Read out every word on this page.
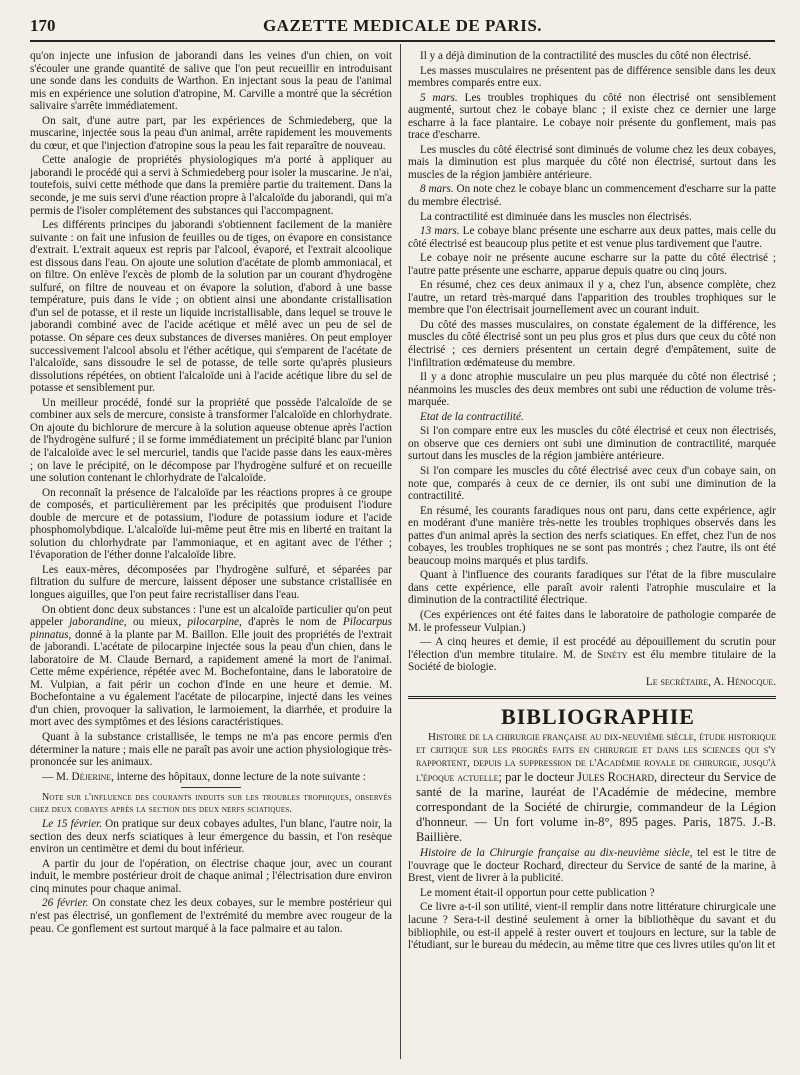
170	GAZETTE MEDICALE DE PARIS.

qu'on injecte une infusion de jaborandi dans les veines d'un chien, on voit s'écouler une grande quantité de salive que l'on peut recueillir en introduisant une sonde dans les conduits de Warthon. En injectant sous la peau de l'animal mis en expérience une solution d'atropine, M. Carville a montré que la sécrétion salivaire s'arrête immédiatement.

On sait, d'une autre part, par les expériences de Schmiedeberg, que la muscarine, injectée sous la peau d'un animal, arrête rapidement les mouvements du cœur, et que l'injection d'atropine sous la peau les fait reparaître de nouveau.

Cette analogie de propriétés physiologiques m'a porté à appliquer au jaborandi le procédé qui a servi à Schmiedeberg pour isoler la muscarine. Je n'ai, toutefois, suivi cette méthode que dans la première partie du traitement. Dans la seconde, je me suis servi d'une réaction propre à l'alcaloïde du jaborandi, qui m'a permis de l'isoler complétement des substances qui l'accompagnent.

Les différents principes du jaborandi s'obtiennent facilement de la manière suivante : on fait une infusion de feuilles ou de tiges, on évapore en consistance d'extrait. L'extrait aqueux est repris par l'alcool, évaporé, et l'extrait alcoolique est dissous dans l'eau. On ajoute une solution d'acétate de plomb ammoniacal, et on filtre. On enlève l'excès de plomb de la solution par un courant d'hydrogène sulfuré, on filtre de nouveau et on évapore la solution, d'abord à une basse température, puis dans le vide ; on obtient ainsi une abondante cristallisation d'un sel de potasse, et il reste un liquide incristallisable, dans lequel se trouve le jaborandi combiné avec de l'acide acétique et mêlé avec un peu de sel de potasse. On sépare ces deux substances de diverses manières. On peut employer successivement l'alcool absolu et l'éther acétique, qui s'emparent de l'acétate de l'alcaloïde, sans dissoudre le sel de potasse, de telle sorte qu'après plusieurs dissolutions répétées, on obtient l'alcaloïde uni à l'acide acétique libre du sel de potasse et sensiblement pur.

Un meilleur procédé, fondé sur la propriété que possède l'alcaloïde de se combiner aux sels de mercure, consiste à transformer l'alcaloïde en chlorhydrate. On ajoute du bichlorure de mercure à la solution aqueuse obtenue après l'action de l'hydrogène sulfuré ; il se forme immédiatement un précipité blanc par l'union de l'alcaloïde avec le sel mercuriel, tandis que l'acide passe dans les eaux-mères ; on lave le précipité, on le décompose par l'hydrogène sulfuré et on recueille une solution contenant le chlorhydrate de l'alcaloïde.

On reconnaît la présence de l'alcaloïde par les réactions propres à ce groupe de composés, et particulièrement par les précipités que produisent l'iodure double de mercure et de potassium, l'iodure de potassium iodure et l'acide phosphomolybdique. L'alcaloïde lui-même peut être mis en liberté en traitant la solution du chlorhydrate par l'ammoniaque, et en agitant avec de l'éther ; l'évaporation de l'éther donne l'alcaloïde libre.

Les eaux-mères, décomposées par l'hydrogène sulfuré, et séparées par filtration du sulfure de mercure, laissent déposer une substance cristallisée en longues aiguilles, que l'on peut faire recristalliser dans l'eau.

On obtient donc deux substances : l'une est un alcaloïde particulier qu'on peut appeler jaborandine, ou mieux, pilocarpine, d'après le nom de Pilocarpus pinnatus, donné à la plante par M. Baillon. Elle jouit des propriétés de l'extrait de jaborandi. L'acétate de pilocarpine injectée sous la peau d'un chien, dans le laboratoire de M. Claude Bernard, a rapidement amené la mort de l'animal. Cette même expérience, répétée avec M. Bochefontaine, dans le laboratoire de M. Vulpian, a fait périr un cochon d'Inde en une heure et demie. M. Bochefontaine a vu également l'acétate de pilocarpine, injecté dans les veines d'un chien, provoquer la salivation, le larmoiement, la diarrhée, et produire la mort avec des symptômes et des lésions caractéristiques.

Quant à la substance cristallisée, le temps ne m'a pas encore permis d'en déterminer la nature ; mais elle ne paraît pas avoir une action physiologique très-prononcée sur les animaux.

— M. Déjerine, interne des hôpitaux, donne lecture de la note suivante :

Note sur l'influence des courants induits sur les troubles trophiques, observés chez deux cobayes après la section des deux nerfs sciatiques.

Le 15 février. On pratique sur deux cobayes adultes, l'un blanc, l'autre noir, la section des deux nerfs sciatiques à leur émergence du bassin, et l'on resèque environ un centimètre et demi du bout inférieur.

A partir du jour de l'opération, on électrise chaque jour, avec un courant induit, le membre postérieur droit de chaque animal ; l'électrisation dure environ cinq minutes pour chaque animal.

26 février. On constate chez les deux cobayes, sur le membre postérieur qui n'est pas électrisé, un gonflement de l'extrémité du membre avec rougeur de la peau. Ce gonflement est surtout marqué à la face palmaire et au talon.

Il y a déjà diminution de la contractilité des muscles du côté non électrisé.

Les masses musculaires ne présentent pas de différence sensible dans les deux membres comparés entre eux.

5 mars. Les troubles trophiques du côté non électrisé ont sensiblement augmenté, surtout chez le cobaye blanc ; il existe chez ce dernier une large escharre à la face plantaire. Le cobaye noir présente du gonflement, mais pas trace d'escharre.

Les muscles du côté électrisé sont diminués de volume chez les deux cobayes, mais la diminution est plus marquée du côté non électrisé, surtout dans les muscles de la région jambière antérieure.

8 mars. On note chez le cobaye blanc un commencement d'escharre sur la patte du membre électrisé.

La contractilité est diminuée dans les muscles non électrisés.

13 mars. Le cobaye blanc présente une escharre aux deux pattes, mais celle du côté électrisé est beaucoup plus petite et est venue plus tardivement que l'autre.

Le cobaye noir ne présente aucune escharre sur la patte du côté électrisé ; l'autre patte présente une escharre, apparue depuis quatre ou cinq jours.

En résumé, chez ces deux animaux il y a, chez l'un, absence complète, chez l'autre, un retard très-marqué dans l'apparition des troubles trophiques sur le membre que l'on électrisait journellement avec un courant induit.

Du côté des masses musculaires, on constate également de la différence, les muscles du côté électrisé sont un peu plus gros et plus durs que ceux du côté non électrisé ; ces derniers présentent un certain degré d'empâtement, suite de l'infiltration œdémateuse du membre.

Il y a donc atrophie musculaire un peu plus marquée du côté non électrisé ; néanmoins les muscles des deux membres ont subi une réduction de volume très-marquée.

Etat de la contractilité.

Si l'on compare entre eux les muscles du côté électrisé et ceux non électrisés, on observe que ces derniers ont subi une diminution de contractilité, marquée surtout dans les muscles de la région jambière antérieure.

Si l'on compare les muscles du côté électrisé avec ceux d'un cobaye sain, on note que, comparés à ceux de ce dernier, ils ont subi une diminution de la contractilité.

En résumé, les courants faradiques nous ont paru, dans cette expérience, agir en modérant d'une manière très-nette les troubles trophiques observés dans les pattes d'un animal après la section des nerfs sciatiques. En effet, chez l'un de nos cobayes, les troubles trophiques ne se sont pas montrés ; chez l'autre, ils ont été beaucoup moins marqués et plus tardifs.

Quant à l'influence des courants faradiques sur l'état de la fibre musculaire dans cette expérience, elle paraît avoir ralenti l'atrophie musculaire et la diminution de la contractilité électrique.

(Ces expériences ont été faites dans le laboratoire de pathologie comparée de M. le professeur Vulpian.)

— A cinq heures et demie, il est procédé au dépouillement du scrutin pour l'élection d'un membre titulaire. M. de Sinéty est élu membre titulaire de la Société de biologie.

Le secrétaire, A. Hénocque.

BIBLIOGRAPHIE

Histoire de la chirurgie française au dix-neuvième siècle, étude historique et critique sur les progrès faits en chirurgie et dans les sciences qui s'y rapportent, depuis la suppression de l'Académie royale de chirurgie, jusqu'à l'époque actuelle; par le docteur Jules Rochard, directeur du Service de santé de la marine, lauréat de l'Académie de médecine, membre correspondant de la Société de chirurgie, commandeur de la Légion d'honneur. — Un fort volume in-8°, 895 pages. Paris, 1875. J.-B. Baillière.

Histoire de la Chirurgie française au dix-neuvième siècle, tel est le titre de l'ouvrage que le docteur Rochard, directeur du Service de santé de la marine, à Brest, vient de livrer à la publicité.

Le moment était-il opportun pour cette publication ?

Ce livre a-t-il son utilité, vient-il remplir dans notre littérature chirurgicale une lacune ? Sera-t-il destiné seulement à orner la bibliothèque du savant et du bibliophile, ou est-il appelé à rester ouvert et toujours en lecture, sur la table de l'étudiant, sur le bureau du médecin, au même titre que ces livres utiles qu'on lit et
